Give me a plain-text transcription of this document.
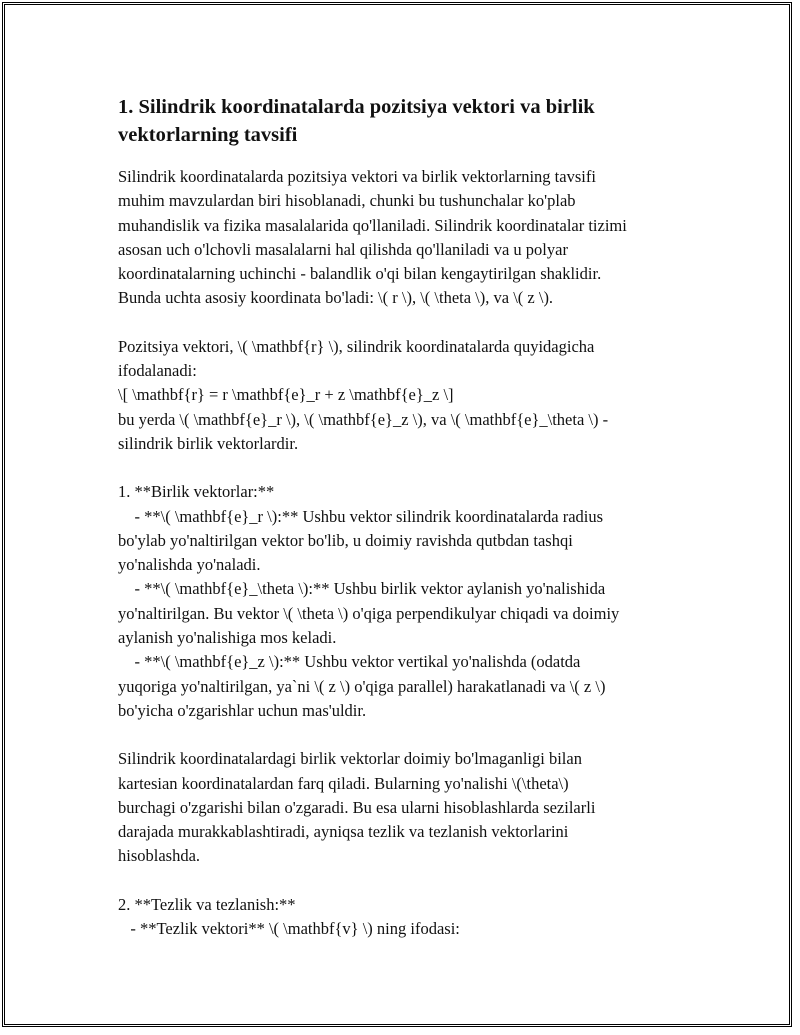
1. Silindrik koordinatalarda pozitsiya vektori va birlik
vektorlarning tavsifi
Silindrik koordinatalarda pozitsiya vektori va birlik vektorlarning tavsifi
muhim mavzulardan biri hisoblanadi, chunki bu tushunchalar ko'plab
muhandislik va fizika masalalarida qo'llaniladi. Silindrik koordinatalar tizimi
asosan uch o'lchovli masalalarni hal qilishda qo'llaniladi va u polyar
koordinatalarning uchinchi - balandlik o'qi bilan kengaytirilgan shaklidir.
Bunda uchta asosiy koordinata bo'ladi: \( r \), \( \theta \), va \( z \).
Pozitsiya vektori, \( \mathbf{r} \), silindrik koordinatalarda quyidagicha
ifodalanadi:
\[ \mathbf{r} = r \mathbf{e}_r + z \mathbf{e}_z \]
bu yerda \( \mathbf{e}_r \), \( \mathbf{e}_z \), va \( \mathbf{e}_\theta \) -
silindrik birlik vektorlardir.
1. **Birlik vektorlar:**
- **\( \mathbf{e}_r \):** Ushbu vektor silindrik koordinatalarda radius
bo'ylab yo'naltirilgan vektor bo'lib, u doimiy ravishda qutbdan tashqi
yo'nalishda yo'naladi.
- **\( \mathbf{e}_\theta \):** Ushbu birlik vektor aylanish yo'nalishida
yo'naltirilgan. Bu vektor \( \theta \) o'qiga perpendikulyar chiqadi va doimiy
aylanish yo'nalishiga mos keladi.
- **\( \mathbf{e}_z \):** Ushbu vektor vertikal yo'nalishda (odatda
yuqoriga yo'naltirilgan, ya`ni \( z \) o'qiga parallel) harakatlanadi va \( z \)
bo'yicha o'zgarishlar uchun mas'uldir.
Silindrik koordinatalardagi birlik vektorlar doimiy bo'lmaganligi bilan
kartesian koordinatalardan farq qiladi. Bularning yo'nalishi \(\theta\)
burchagi o'zgarishi bilan o'zgaradi. Bu esa ularni hisoblashlarda sezilarli
darajada murakkablashtiradi, ayniqsa tezlik va tezlanish vektorlarini
hisoblashda.
2. **Tezlik va tezlanish:**
- **Tezlik vektori** \( \mathbf{v} \) ning ifodasi:
